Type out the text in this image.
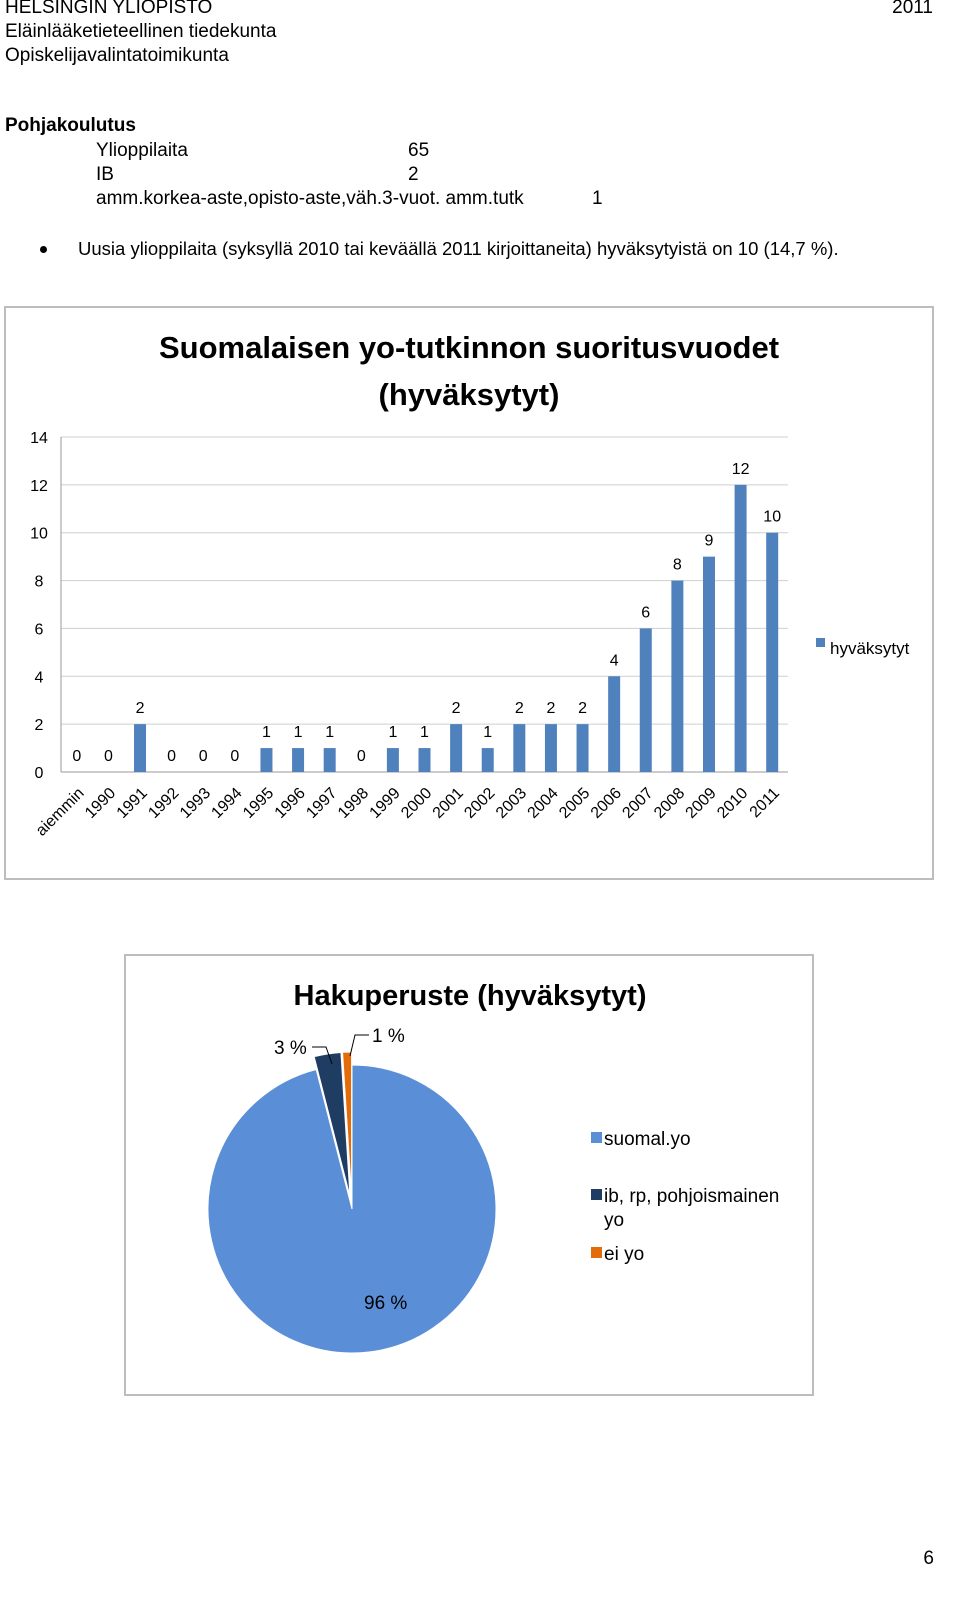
HELSINGIN YLIOPISTO	2011
Eläinlääketieteellinen tiedekunta
Opiskelijavalintatoimikunta
Pohjakoulutus
Ylioppilaita	65
IB	2
amm.korkea-aste,opisto-aste,väh.3-vuot. amm.tutk	1
Uusia ylioppilaita (syksyllä 2010 tai keväällä 2011 kirjoittaneita) hyväksytyistä on 10 (14,7 %).
Suomalaisen yo-tutkinnon suoritusvuodet
(hyväksytyt)
0
2
4
6
8
10
12
14
0 0
2
0 0 0
1 1 1
0
1 1
2
1
2 2 2
4
6
8
9
12
10
aiemmin
1990
1991
1992
1993
1994
1995
1996
1997
1998
1999
2000
2001
2002
2003
2004
2005
2006
2007
2008
2009
2010
2011
hyväksytyt
Hakuperuste (hyväksytyt)
3 %
1 %
96 %
suomal.yo
ib, rp, pohjoismainen
yo
ei yo
6
